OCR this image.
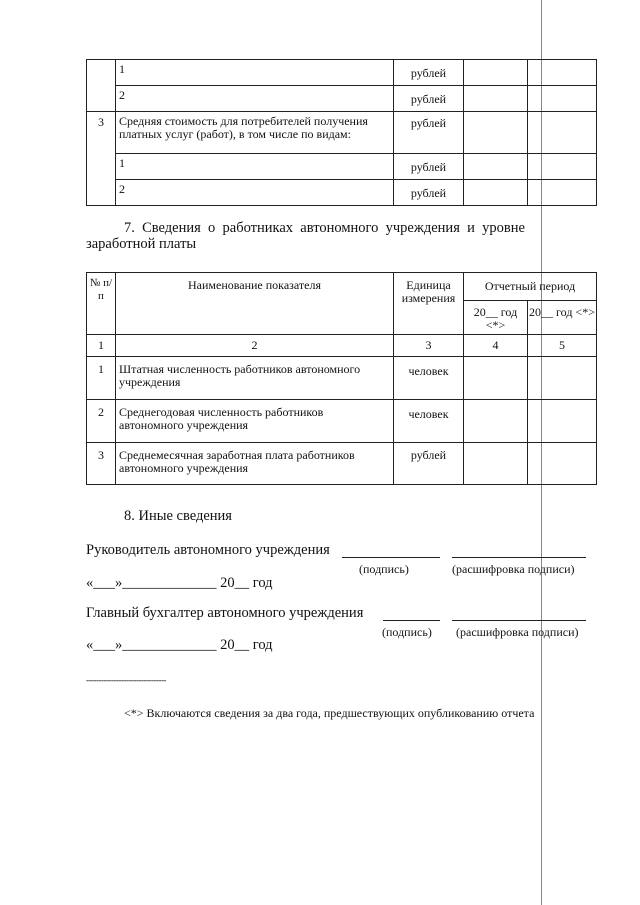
	1	рублей		
	2	рублей		
3	Средняя стоимость для потребителей получения платных услуг (работ), в том числе по видам:	рублей		
	1	рублей		
	2	рублей		
7.  Сведения  о  работниках  автономного  учреждения  и  уровне
заработной платы
№ п/п	Наименование показателя	Единица измерения	Отчетный период	
			20__ год <*>	20__ год <*>
1	2	3	4	5
1	Штатная численность работников автономного учреждения	человек		
2	Среднегодовая численность работников автономного учреждения	человек		
3	Среднемесячная заработная плата работников автономного учреждения	рублей		
8. Иные сведения
Руководитель автономного учреждения
(подпись)	(расшифровка подписи)
«___»_____________ 20__ год
Главный бухгалтер автономного учреждения
(подпись) (расшифровка подписи)
«___»_____________ 20__ год
--------------------------------
<*> Включаются сведения за два года, предшествующих опубликованию отчета
